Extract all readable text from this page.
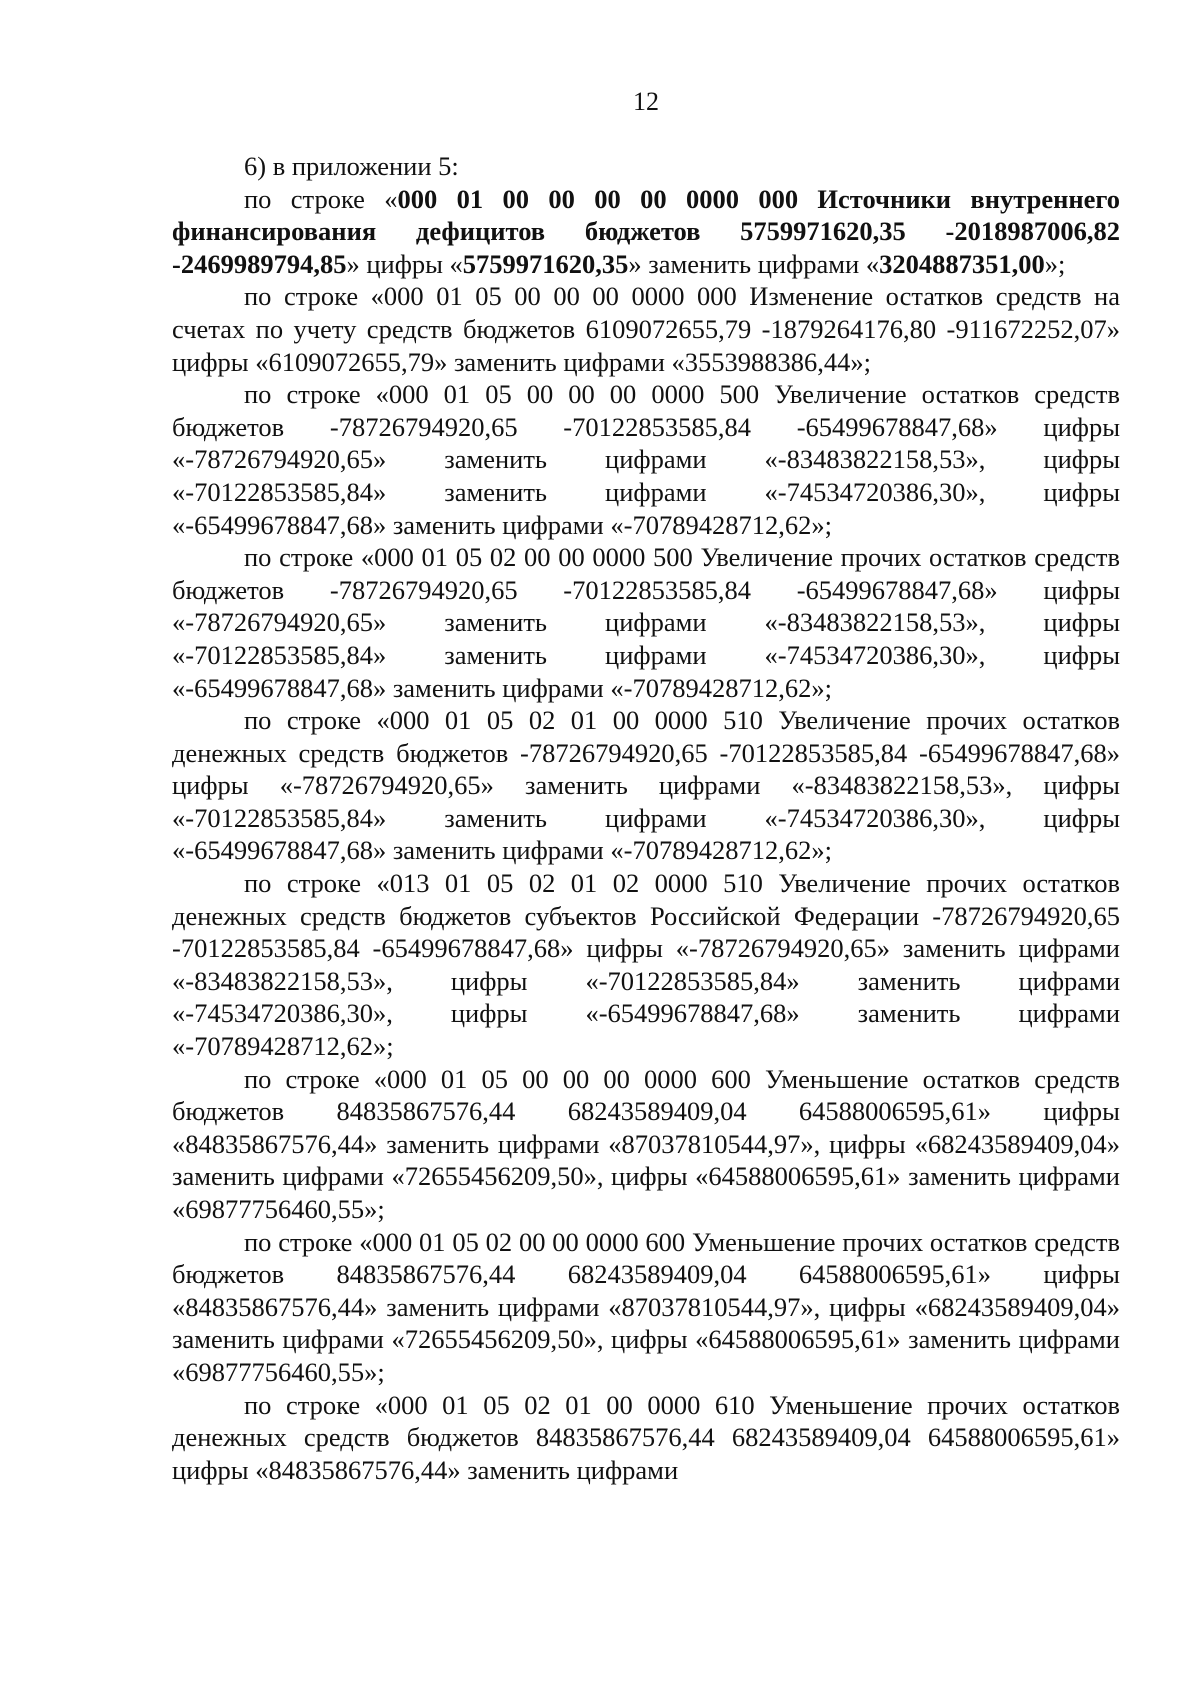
12

6) в приложении 5:

по строке «000 01 00 00 00 00 0000 000 Источники внутреннего финансирования дефицитов бюджетов 5759971620,35 -2018987006,82 -2469989794,85» цифры «5759971620,35» заменить цифрами «3204887351,00»;

по строке «000 01 05 00 00 00 0000 000 Изменение остатков средств на счетах по учету средств бюджетов 6109072655,79 -1879264176,80 -911672252,07» цифры «6109072655,79» заменить цифрами «3553988386,44»;

по строке «000 01 05 00 00 00 0000 500 Увеличение остатков средств бюджетов -78726794920,65 -70122853585,84 -65499678847,68» цифры «-78726794920,65» заменить цифрами «-83483822158,53», цифры «-70122853585,84» заменить цифрами «-74534720386,30», цифры «-65499678847,68» заменить цифрами «-70789428712,62»;

по строке «000 01 05 02 00 00 0000 500 Увеличение прочих остатков средств бюджетов -78726794920,65 -70122853585,84 -65499678847,68» цифры «-78726794920,65» заменить цифрами «-83483822158,53», цифры «-70122853585,84» заменить цифрами «-74534720386,30», цифры «-65499678847,68» заменить цифрами «-70789428712,62»;

по строке «000 01 05 02 01 00 0000 510 Увеличение прочих остатков денежных средств бюджетов -78726794920,65 -70122853585,84 -65499678847,68» цифры «-78726794920,65» заменить цифрами «-83483822158,53», цифры «-70122853585,84» заменить цифрами «-74534720386,30», цифры «-65499678847,68» заменить цифрами «-70789428712,62»;

по строке «013 01 05 02 01 02 0000 510 Увеличение прочих остатков денежных средств бюджетов субъектов Российской Федерации -78726794920,65 -70122853585,84 -65499678847,68» цифры «-78726794920,65» заменить цифрами «-83483822158,53», цифры «-70122853585,84» заменить цифрами «-74534720386,30», цифры «-65499678847,68» заменить цифрами «-70789428712,62»;

по строке «000 01 05 00 00 00 0000 600 Уменьшение остатков средств бюджетов 84835867576,44 68243589409,04 64588006595,61» цифры «84835867576,44» заменить цифрами «87037810544,97», цифры «68243589409,04» заменить цифрами «72655456209,50», цифры «64588006595,61» заменить цифрами «69877756460,55»;

по строке «000 01 05 02 00 00 0000 600 Уменьшение прочих остатков средств бюджетов 84835867576,44 68243589409,04 64588006595,61» цифры «84835867576,44» заменить цифрами «87037810544,97», цифры «68243589409,04» заменить цифрами «72655456209,50», цифры «64588006595,61» заменить цифрами «69877756460,55»;

по строке «000 01 05 02 01 00 0000 610 Уменьшение прочих остатков денежных средств бюджетов 84835867576,44 68243589409,04 64588006595,61» цифры «84835867576,44» заменить цифрами
